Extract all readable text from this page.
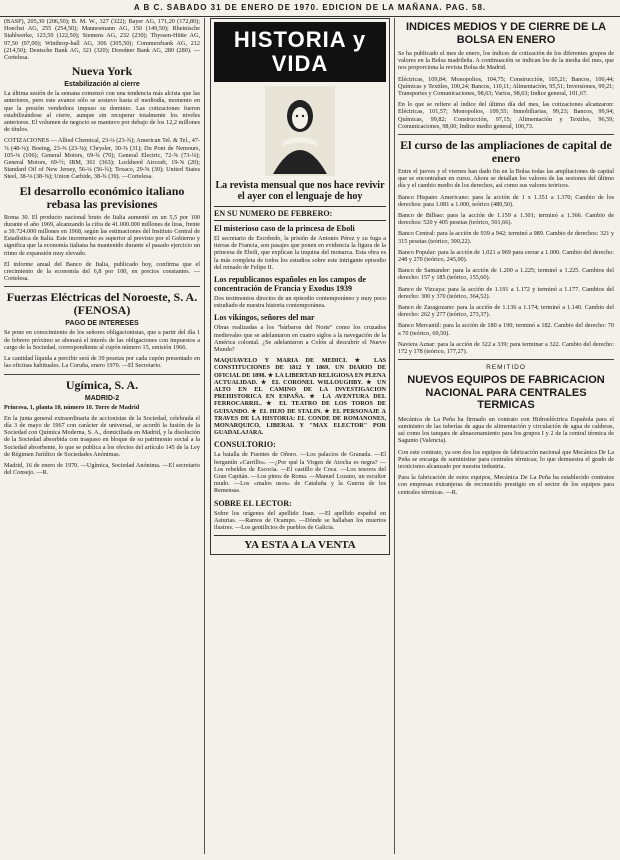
A B C. SABADO 31 DE ENERO DE 1970. EDICION DE LA MAÑANA. PAG. 58.

(BASF), 205,30 (206,50); B. M. W., 327 (322); Bayer AG, 171,20 (172,80); Hoechst AG, 255 (254,50); Mannesmann AG, 150 (149,50); Rheinische Stahlwerke, 123,50 (122,50); Siemens AG, 232 (230); Thyssen-Hütte AG, 97,50 (97,00); Winthrop-hall AG, 306 (305,50); Commerzbank AG, 212 (214,50); Deutsche Bank AG, 321 (320); Dresdner Bank AG, 280 (280). —Cortelesa.

Nueva York
Estabilización al cierre

La última sesión de la semana comenzó con una tendencia más alcista que las anteriores, pero este avance sólo se sostuvo hasta el mediodía, momento en que la presión vendedora impuso su dominio. Las cotizaciones fueron estabilizándose al cierre, aunque sin recuperar totalmente los niveles anteriores. El volumen de negocio se mantuvo por debajo de los 12,2 millones de títulos.

COTIZACIONES — Allied Chemical, 23-¼ (23-¾); American Tel. & Tel., 47-⅞ (48-⅛); Boeing, 23-⅜ (23-⅝); Chrysler, 30-⅝ (31); Du Pont de Nemours, 105-⅜ (106); General Motors, 69-¾ (70); General Electric, 72-⅝ (73-⅛); General Motors, 69-½; IBM, 361 (363); Lockheed Aircraft, 19-⅝ (20); Standard Oil of New Jersey, 56-¼ (56-¾); Texaco, 29-⅝ (30); United States Steel, 38-⅛ (38-⅝); Union Carbide, 38-¾ (39). —Cortelesa.

El desarrollo económico italiano rebasa las previsiones

Roma 30. El producto nacional bruto de Italia aumentó en un 5,5 por 100 durante el año 1969, alcanzando la cifra de 41.000.000 millones de liras, frente a 39.724.000 millones en 1968, según las estimaciones del Instituto Central de Estadística de Italia. Este incremento es superior al previsto por el Gobierno y significa que la economía italiana ha mantenido durante el pasado ejercicio un ritmo de expansión muy elevado.

El informe anual del Banco de Italia, publicado hoy, confirma que el crecimiento de la economía del 6,8 por 100, en precios constantes. —Cortelesa.

Fuerzas Eléctricas del Noroeste, S. A. (FENOSA)
PAGO DE INTERESES

Se pone en conocimiento de los señores obligacionistas, que a partir del día 1 de febrero próximo se abonará el interés de las obligaciones con impuestos a cargo de la Sociedad, correspondiente al cupón número 15, emisión 1966.

La cantidad líquida a percibir será de 39 pesetas por cada cupón presentado en las oficinas habituales. La Coruña, enero 1970. —El Secretario.

Ugímica, S. A.
MADRID-2

Princesa, 1, planta 10, número 10. Torre de Madrid

En la junta general extraordinaria de accionistas de la Sociedad, celebrada el día 3 de mayo de 1967 con carácter de universal, se acordó la fusión de la Sociedad con Química Moderna, S. A., domiciliada en Madrid, y la disolución de la Sociedad absorbida con traspaso en bloque de su patrimonio social a la Sociedad absorbente, lo que se publica a los efectos del artículo 145 de la Ley de Régimen Jurídico de Sociedades Anónimas.

Madrid, 16 de enero de 1970. —Ugímica, Sociedad Anónima. —El secretario del Consejo. —R.

HISTORIA y VIDA
La revista mensual que nos hace revivir el ayer con el lenguaje de hoy
EN SU NUMERO DE FEBRERO:
El misterioso caso de la princesa de Eboli

El secretario de Escobedo, la prisión de Antonio Pérez y su fuga a tierras de Francia, son pasajes que ponen en evidencia la figura de la princesa de Eboli, que explican la inquina del monarca. Esta obra es la más completa de todos los estudios sobre este intrigante episodio del reinado de Felipe II.

Los republicanos españoles en los campos de concentración de Francia y Exodus 1939

Dos testimonios directos de un episodio contemporáneo y muy poco estudiado de nuestra historia contemporánea.

Los vikingos, señores del mar

Obras realizadas a los "bárbaros del Norte" como los cruzados medievales que se adelantaron en cuatro siglos a la navegación de la América colonial. ¿Se adelantaron a Colón al descubrir el Nuevo Mundo?

MAQUIAVELO Y MARIA DE MEDICI. ★ LAS CONSTITUCIONES DE 1812 Y 1869. UN DIARIO DE OFICIAL DE 1898. ★ LA LIBERTAD RELIGIOSA EN PLENA ACTUALIDAD. ★ EL CORONEL WILLOUGHBY. ★ UN ALTO EN EL CAMINO DE LA INVESTIGACION PREHISTORICA EN ESPAÑA. ★ LA AVENTURA DEL FERROCARRIL. ★ EL TEATRO DE LOS TOROS DE GUISANDO. ★ EL HIJO DE STALIN. ★ EL PERSONAJE A TRAVES DE LA HISTORIA: EL CONDE DE ROMANONES, MONARQUICO, LIBERAL Y "MAX ELECTOR" POR GUADALAJARA.

CONSULTORIO:

La batalla de Fuentes de Oñoro. —Los palacios de Granada. —El bergantín «Carrillo». —¿Por qué la Virgen de Atocha es negra? —Los rebeldes de Escocia. —El castillo de Coca. —Los tesoros del Gran Capitán. —Los pinos de Roma. —Manuel Lozano, un escultor mudo. —Los «malos usos» de Cataluña y la Guerra de los Remensas.

SOBRE EL LECTOR:

Sobre los orígenes del apellido Juan. —El apellido español en Asturias. —Ramos de Ocampo. —Dónde se hallaban los muertos ilustres. —Los gentilicios de pueblos de Galicia.

YA ESTA A LA VENTA
INDICES MEDIOS Y DE CIERRE DE LA BOLSA EN ENERO

Se ha publicado el mes de enero, los índices de cotización de los diferentes grupos de valores en la Bolsa madrileña. A continuación se indican los de la media del mes, que nos proporciona la revista Bolsa de Madrid.

Eléctricas, 109,84; Monopolios, 104,75; Construcción, 105,21; Bancos, 100,44; Químicas y Textiles, 100,24; Bancos, 110,11; Alimentación, 95,51; Inversiones, 99,21; Transportes y Comunicaciones, 98,63; Varios, 98,63; Indice general, 101,67.

En lo que se refiere al índice del último día del mes, las cotizaciones alcanzaron: Eléctricas, 101,57; Monopolios, 109,55; Inmobiliarias, 99,23; Bancos, 99,94; Químicas, 99,82; Construcción, 97,15; Alimentación y Textiles, 96,59; Comunicaciones, 98,00; Indice medio general, 100,73.

El curso de las ampliaciones de capital de enero

Entre el jueves y el viernes han dado fin en la Bolsa todas las ampliaciones de capital que se encontraban en curso. Ahora se detallan los valores de las sesiones del último día y el cambio medio de los derechos, así como sus valores teóricos.

Banco Hispano Americano: para la acción de 1 x 1.351 a 1.370; Cambio de los derechos: para 1.081 a 1.000, teórico (480,50).

Banco de Bilbao: para la acción de 1.159 a 1.301; terminó a 1.366. Cambio de derechos: 520 y 405 pesetas (teórico, 501,66).

Banco Central: para la acción de 939 a 942; terminó a 989. Cambio de derechos: 321 y 315 pesetas (teórico, 300,22).

Banco Popular: para la acción de 1.021 a 969 para cerrar a 1.000. Cambio del derecho: 248 y 270 (teórico, 245,00).

Banco de Santander: para la acción de 1.200 a 1.225; terminó a 1.225. Cambios del derecho: 157 y 185 (teórico, 155,60).

Banco de Vizcaya: para la acción de 1.191 a 1.172 y terminó a 1.177. Cambios del derecho: 300 y 370 (teórico, 364,52).

Banco de Zaragozano: para la acción de 1.136 a 1.174; terminó a 1.140. Cambio del derecho: 262 y 277 (teórico, 273,37).

Banco Mercantil: para la acción de 180 a 190; terminó a 182. Cambio del derecho: 70 a 70 (teórico, 69,50).

Naviera Aznar: para la acción de 322 a 339; para terminar a 322. Cambio del derecho: 172 y 178 (teórico, 177,27).

REMITIDO
NUEVOS EQUIPOS DE FABRICACION NACIONAL PARA CENTRALES TERMICAS

Mecánica de La Peña ha firmado un contrato con Hidroeléctrica Española para el suministro de las tuberías de agua de alimentación y circulación de agua de calderas, así como los tanques de almacenamiento para los grupos I y 2 de la central térmica de Sagunto (Valencia).

Con este contrato, ya son dos los equipos de fabricación nacional que Mecánica De La Peña se encarga de suministrar para centrales térmicas; lo que demuestra el grado de tecnicismo alcanzado por nuestra industria.

Para la fabricación de estos equipos, Mecánica De La Peña ha establecido contratos con empresas extranjeras de reconocido prestigio en el sector de los equipos para centrales térmicas. —R.
